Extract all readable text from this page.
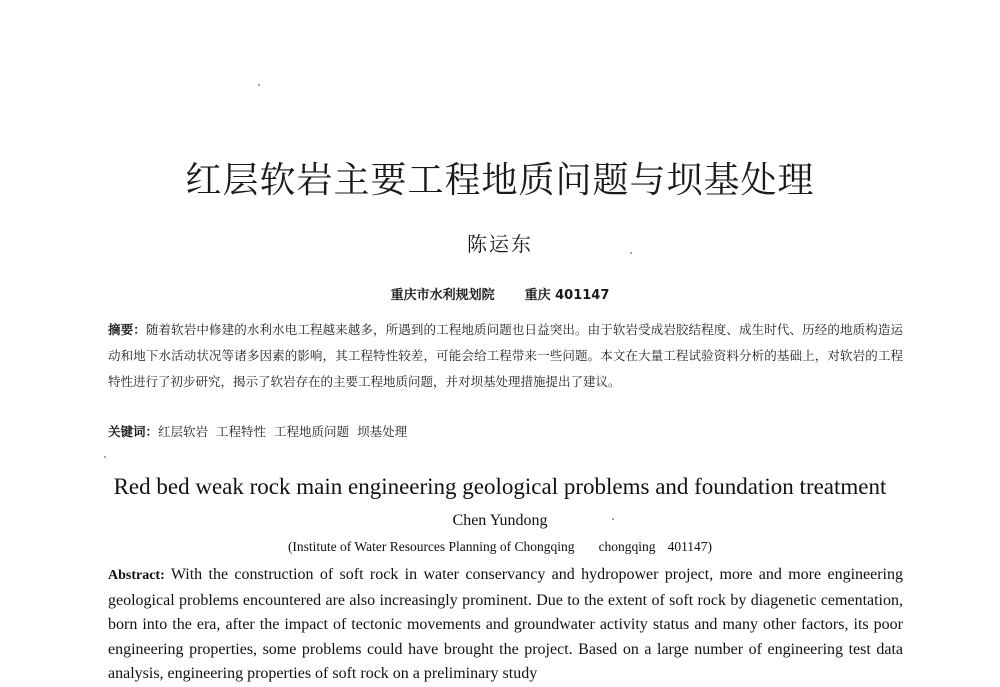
红层软岩主要工程地质问题与坝基处理
陈运东
重庆市水利规划院 重庆 401147
摘要：随着软岩中修建的水利水电工程越来越多，所遇到的工程地质问题也日益突出。由于软岩受成岩胶结程度、成生时代、历经的地质构造运动和地下水活动状况等诸多因素的影响，其工程特性较差，可能会给工程带来一些问题。本文在大量工程试验资料分析的基础上，对软岩的工程特性进行了初步研究，揭示了软岩存在的主要工程地质问题，并对坝基处理措施提出了建议。
关键词：红层软岩 工程特性 工程地质问题 坝基处理
Red bed weak rock main engineering geological problems and foundation treatment
Chen Yundong
(Institute of Water Resources Planning of Chongqing chongqing 401147)
Abstract: With the construction of soft rock in water conservancy and hydropower project, more and more engineering geological problems encountered are also increasingly prominent. Due to the extent of soft rock by diagenetic cementation, born into the era, after the impact of tectonic movements and groundwater activity status and many other factors, its poor engineering properties, some problems could have brought the project. Based on a large number of engineering test data analysis, engineering properties of soft rock on a preliminary study
